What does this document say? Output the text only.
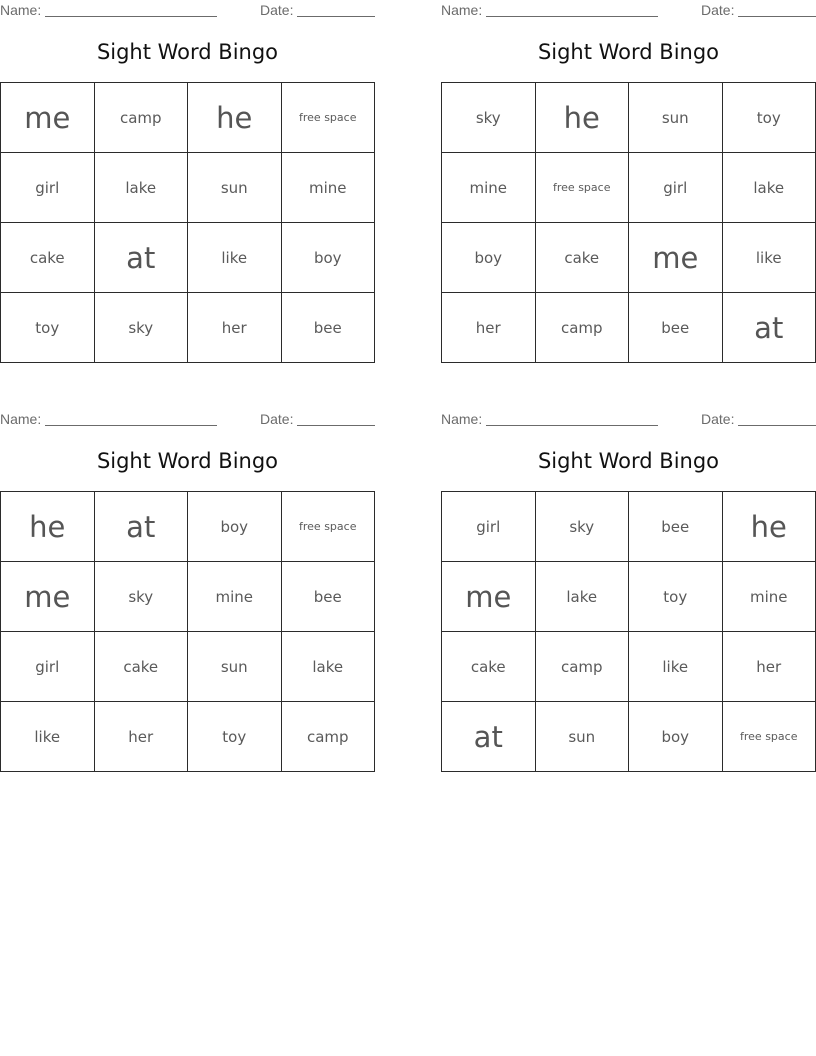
Name:	Date:
Sight Word Bingo
me	camp	he	free space
girl	lake	sun	mine
cake	at	like	boy
toy	sky	her	bee
Name:	Date:
Sight Word Bingo
sky	he	sun	toy
mine	free space	girl	lake
boy	cake	me	like
her	camp	bee	at
Name:	Date:
Sight Word Bingo
he	at	boy	free space
me	sky	mine	bee
girl	cake	sun	lake
like	her	toy	camp
Name:	Date:
Sight Word Bingo
girl	sky	bee	he
me	lake	toy	mine
cake	camp	like	her
at	sun	boy	free space
